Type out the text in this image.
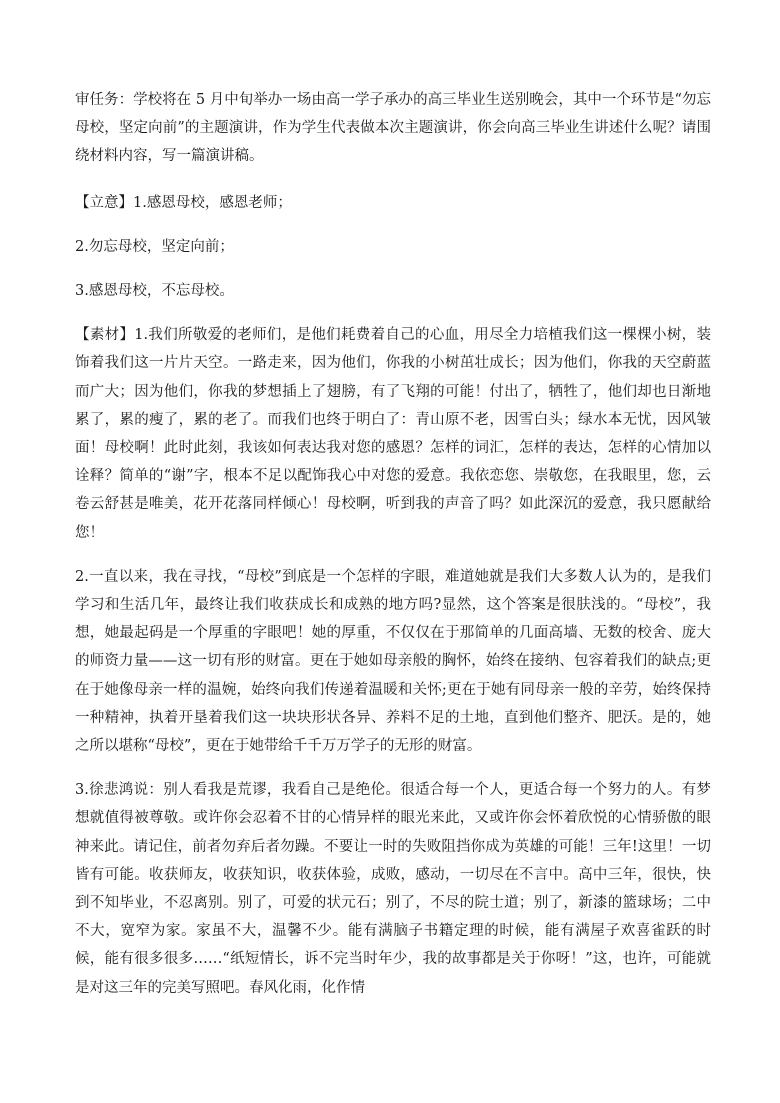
审任务：学校将在 5 月中旬举办一场由高一学子承办的高三毕业生送别晚会，其中一个环节是“勿忘母校，坚定向前”的主题演讲，作为学生代表做本次主题演讲，你会向高三毕业生讲述什么呢？请围绕材料内容，写一篇演讲稿。

【立意】1.感恩母校，感恩老师；

2.勿忘母校，坚定向前；

3.感恩母校，不忘母校。

【素材】1.我们所敬爱的老师们，是他们耗费着自己的心血，用尽全力培植我们这一棵棵小树，装饰着我们这一片片天空。一路走来，因为他们，你我的小树茁壮成长；因为他们，你我的天空蔚蓝而广大；因为他们，你我的梦想插上了翅膀，有了飞翔的可能！付出了，牺牲了，他们却也日渐地累了，累的瘦了，累的老了。而我们也终于明白了：青山原不老，因雪白头；绿水本无忧，因风皱面！母校啊！此时此刻，我该如何表达我对您的感恩？怎样的词汇，怎样的表达，怎样的心情加以诠释？简单的“谢”字，根本不足以配饰我心中对您的爱意。我依恋您、崇敬您，在我眼里，您，云卷云舒甚是唯美，花开花落同样倾心！母校啊，听到我的声音了吗？如此深沉的爱意，我只愿献给您！

2.一直以来，我在寻找，“母校”到底是一个怎样的字眼，难道她就是我们大多数人认为的，是我们学习和生活几年，最终让我们收获成长和成熟的地方吗?显然，这个答案是很肤浅的。“母校”，我想，她最起码是一个厚重的字眼吧！她的厚重，不仅仅在于那简单的几面高墙、无数的校舍、庞大的师资力量——这一切有形的财富。更在于她如母亲般的胸怀，始终在接纳、包容着我们的缺点;更在于她像母亲一样的温婉，始终向我们传递着温暖和关怀;更在于她有同母亲一般的辛劳，始终保持一种精神，执着开垦着我们这一块块形状各异、养料不足的土地，直到他们整齐、肥沃。是的，她之所以堪称“母校”，更在于她带给千千万万学子的无形的财富。

3.徐悲鸿说：别人看我是荒谬，我看自己是绝伦。很适合每一个人，更适合每一个努力的人。有梦想就值得被尊敬。或许你会忍着不甘的心情异样的眼光来此，又或许你会怀着欣悦的心情骄傲的眼神来此。请记住，前者勿弃后者勿躁。不要让一时的失败阻挡你成为英雄的可能！三年!这里！一切皆有可能。收获师友，收获知识，收获体验，成败，感动，一切尽在不言中。高中三年，很快，快到不知毕业，不忍离别。别了，可爱的状元石；别了，不尽的院士道；别了，新漆的篮球场；二中不大，宽窄为家。家虽不大，温馨不少。能有满脑子书籍定理的时候，能有满屋子欢喜雀跃的时候，能有很多很多……“纸短情长，诉不完当时年少，我的故事都是关于你呀！”这，也许，可能就是对这三年的完美写照吧。春风化雨，化作情
